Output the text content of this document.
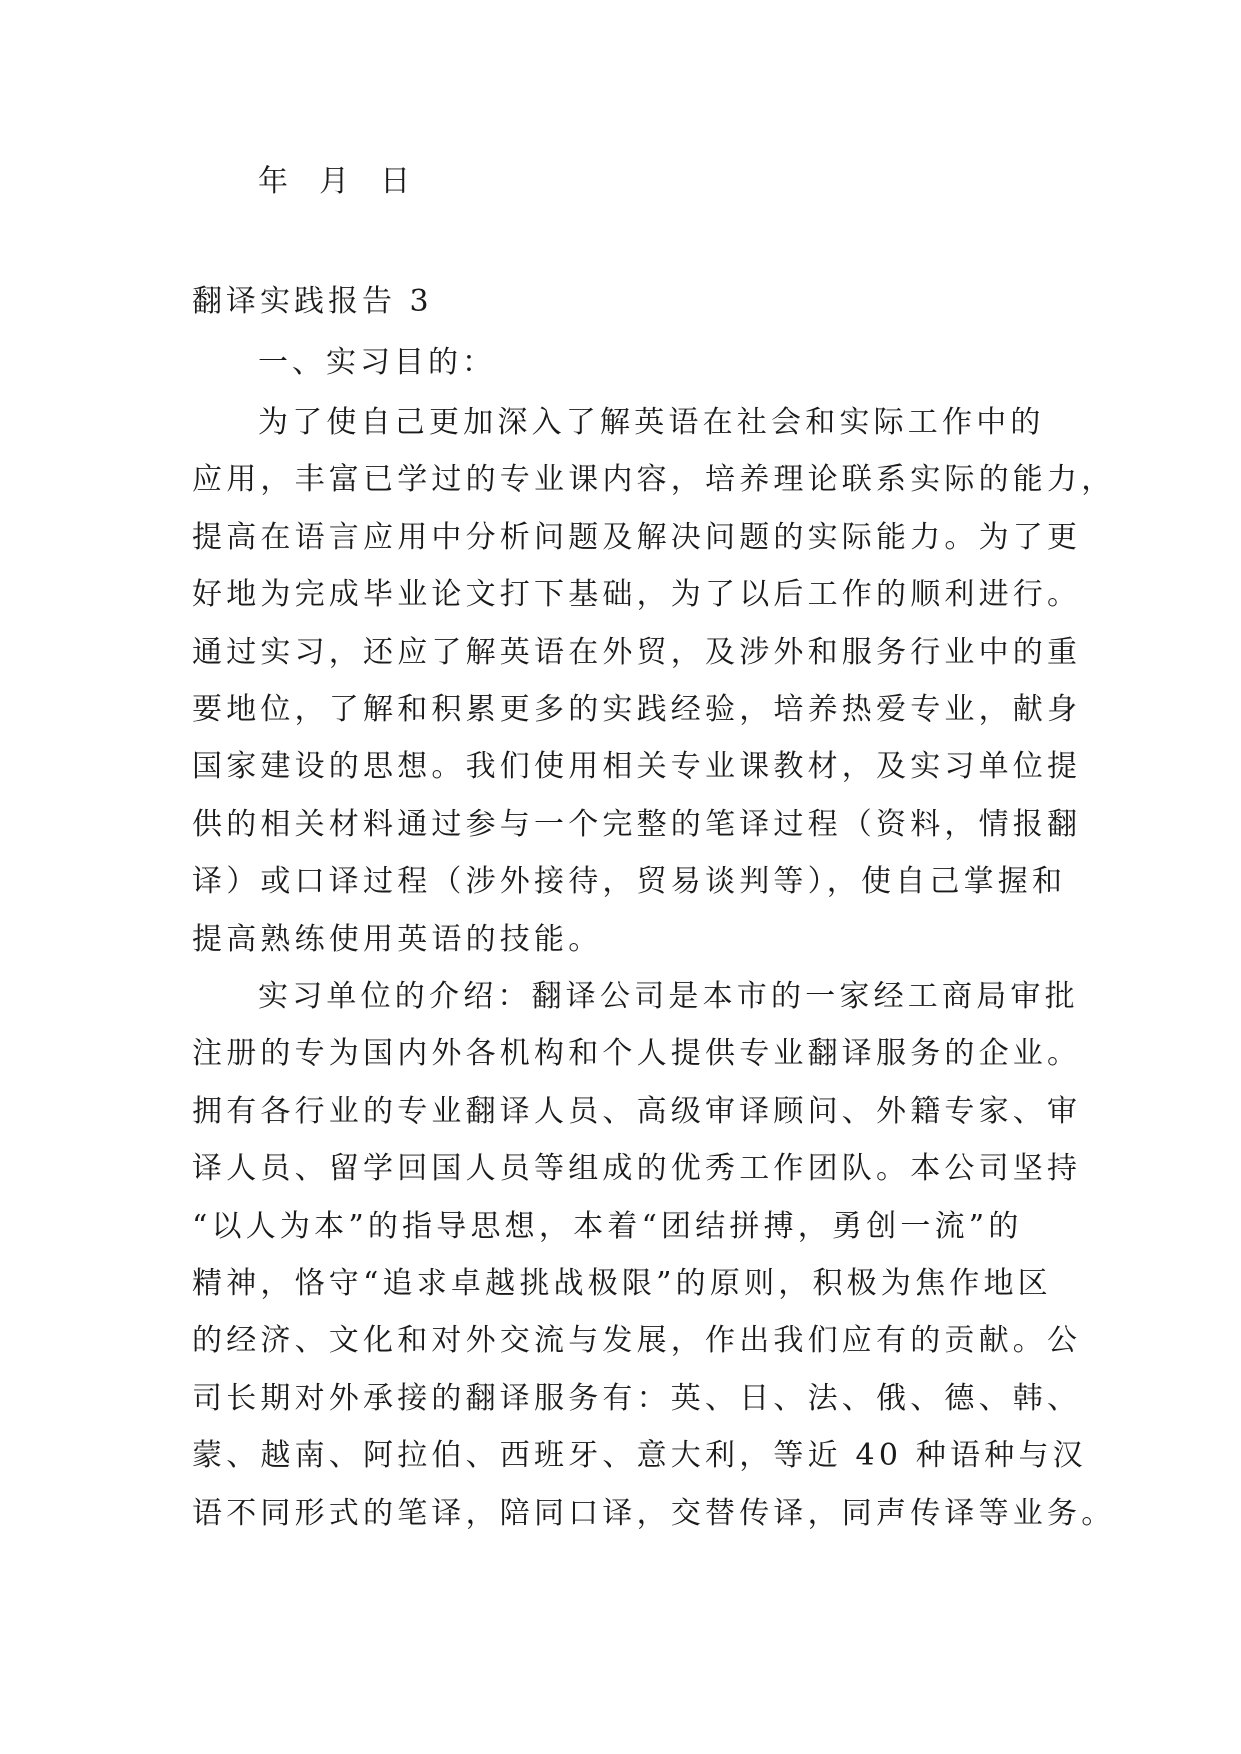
年  月  日
翻译实践报告 3
一、实习目的：
为了使自己更加深入了解英语在社会和实际工作中的
应用，丰富已学过的专业课内容，培养理论联系实际的能力，
提高在语言应用中分析问题及解决问题的实际能力。为了更
好地为完成毕业论文打下基础，为了以后工作的顺利进行。
通过实习，还应了解英语在外贸，及涉外和服务行业中的重
要地位，了解和积累更多的实践经验，培养热爱专业，献身
国家建设的思想。我们使用相关专业课教材，及实习单位提
供的相关材料通过参与一个完整的笔译过程（资料，情报翻
译）或口译过程（涉外接待，贸易谈判等），使自己掌握和
提高熟练使用英语的技能。
实习单位的介绍：翻译公司是本市的一家经工商局审批
注册的专为国内外各机构和个人提供专业翻译服务的企业。
拥有各行业的专业翻译人员、高级审译顾问、外籍专家、审
译人员、留学回国人员等组成的优秀工作团队。本公司坚持
“以人为本”的指导思想，本着“团结拼搏，勇创一流”的
精神，恪守“追求卓越挑战极限”的原则，积极为焦作地区
的经济、文化和对外交流与发展，作出我们应有的贡献。公
司长期对外承接的翻译服务有：英、日、法、俄、德、韩、
蒙、越南、阿拉伯、西班牙、意大利，等近 40 种语种与汉
语不同形式的笔译，陪同口译，交替传译，同声传译等业务。
